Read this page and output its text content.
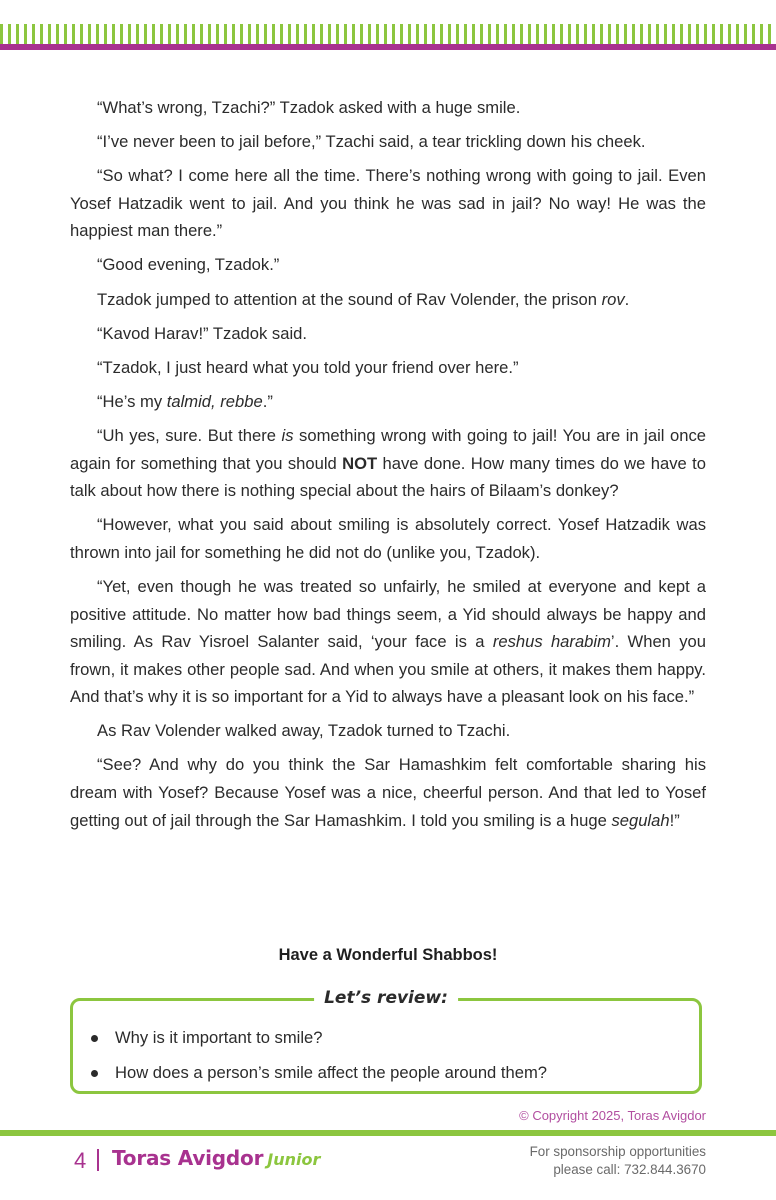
“What’s wrong, Tzachi?” Tzadok asked with a huge smile.

“I’ve never been to jail before,” Tzachi said, a tear trickling down his cheek.

“So what? I come here all the time. There’s nothing wrong with going to jail. Even Yosef Hatzadik went to jail. And you think he was sad in jail? No way! He was the happiest man there.”

“Good evening, Tzadok.”

Tzadok jumped to attention at the sound of Rav Volender, the prison rov.

“Kavod Harav!” Tzadok said.

“Tzadok, I just heard what you told your friend over here.”

“He’s my talmid, rebbe.”

“Uh yes, sure. But there is something wrong with going to jail! You are in jail once again for something that you should NOT have done. How many times do we have to talk about how there is nothing special about the hairs of Bilaam’s donkey?

“However, what you said about smiling is absolutely correct. Yosef Hatzadik was thrown into jail for something he did not do (unlike you, Tzadok).

“Yet, even though he was treated so unfairly, he smiled at everyone and kept a positive attitude. No matter how bad things seem, a Yid should always be happy and smiling. As Rav Yisroel Salanter said, ‘your face is a reshus harabim’. When you frown, it makes other people sad. And when you smile at others, it makes them happy. And that’s why it is so important for a Yid to always have a pleasant look on his face.”

As Rav Volender walked away, Tzadok turned to Tzachi.

“See? And why do you think the Sar Hamashkim felt comfortable sharing his dream with Yosef? Because Yosef was a nice, cheerful person. And that led to Yosef getting out of jail through the Sar Hamashkim. I told you smiling is a huge segulah!”

Have a Wonderful Shabbos!
Let’s review:
Why is it important to smile?
How does a person’s smile affect the people around them?
© Copyright 2025, Toras Avigdor
4 Toras Avigdor Junior	For sponsorship opportunities
please call: 732.844.3670
